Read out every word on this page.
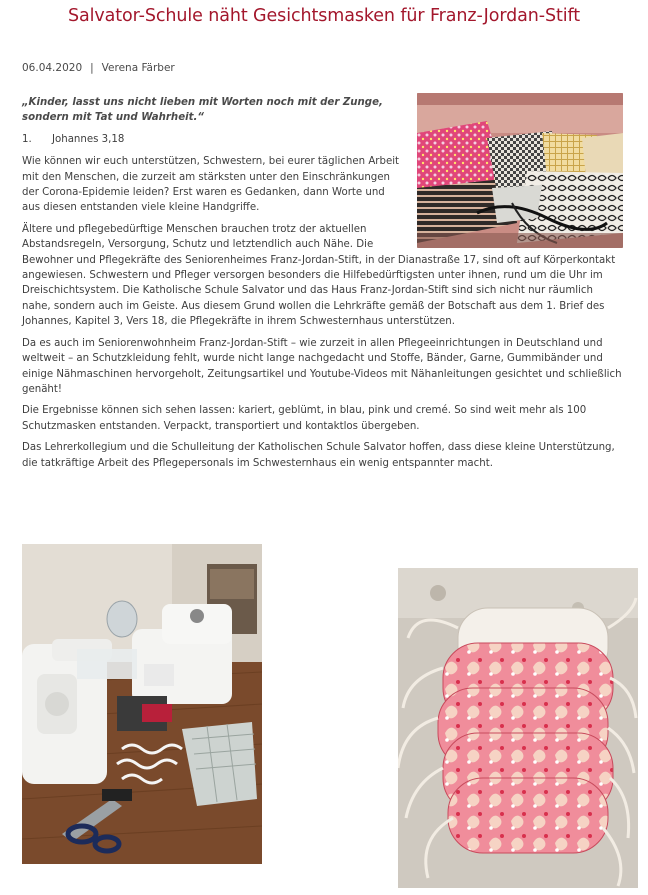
Salvator-Schule näht Gesichtsmasken für Franz-Jordan-Stift
06.04.2020 | Verena Färber

„Kinder, lasst uns nicht lieben mit Worten noch mit der Zunge, sondern mit Tat und Wahrheit.“

1. Johannes 3,18

Wie können wir euch unterstützen, Schwestern, bei eurer täglichen Arbeit mit den Menschen, die zurzeit am stärksten unter den Einschränkungen der Corona-Epidemie leiden? Erst waren es Gedanken, dann Worte und aus diesen entstanden viele kleine Handgriffe.

Ältere und pflegebedürftige Menschen brauchen trotz der aktuellen Abstandsregeln, Versorgung, Schutz und letztendlich auch Nähe. Die Bewohner und Pflegekräfte des Seniorenheimes Franz-Jordan-Stift, in der Dianastraße 17, sind oft auf Körperkontakt angewiesen. Schwestern und Pfleger versorgen besonders die Hilfebedürftigsten unter ihnen, rund um die Uhr im Dreischichtsystem. Die Katholische Schule Salvator und das Haus Franz-Jordan-Stift sind sich nicht nur räumlich nahe, sondern auch im Geiste. Aus diesem Grund wollen die Lehrkräfte gemäß der Botschaft aus dem 1. Brief des Johannes, Kapitel 3, Vers 18, die Pflegekräfte in ihrem Schwesternhaus unterstützen.

Da es auch im Seniorenwohnheim Franz-Jordan-Stift – wie zurzeit in allen Pflegeeinrichtungen in Deutschland und weltweit – an Schutzkleidung fehlt, wurde nicht lange nachgedacht und Stoffe, Bänder, Garne, Gummibänder und einige Nähmaschinen hervorgeholt, Zeitungsartikel und Youtube-Videos mit Nähanleitungen gesichtet und schließlich genäht!

Die Ergebnisse können sich sehen lassen: kariert, geblümt, in blau, pink und cremé. So sind weit mehr als 100 Schutzmasken entstanden. Verpackt, transportiert und kontaktlos übergeben.

Das Lehrerkollegium und die Schulleitung der Katholischen Schule Salvator hoffen, dass diese kleine Unterstützung, die tatkräftige Arbeit des Pflegepersonals im Schwesternhaus ein wenig entspannter macht.
